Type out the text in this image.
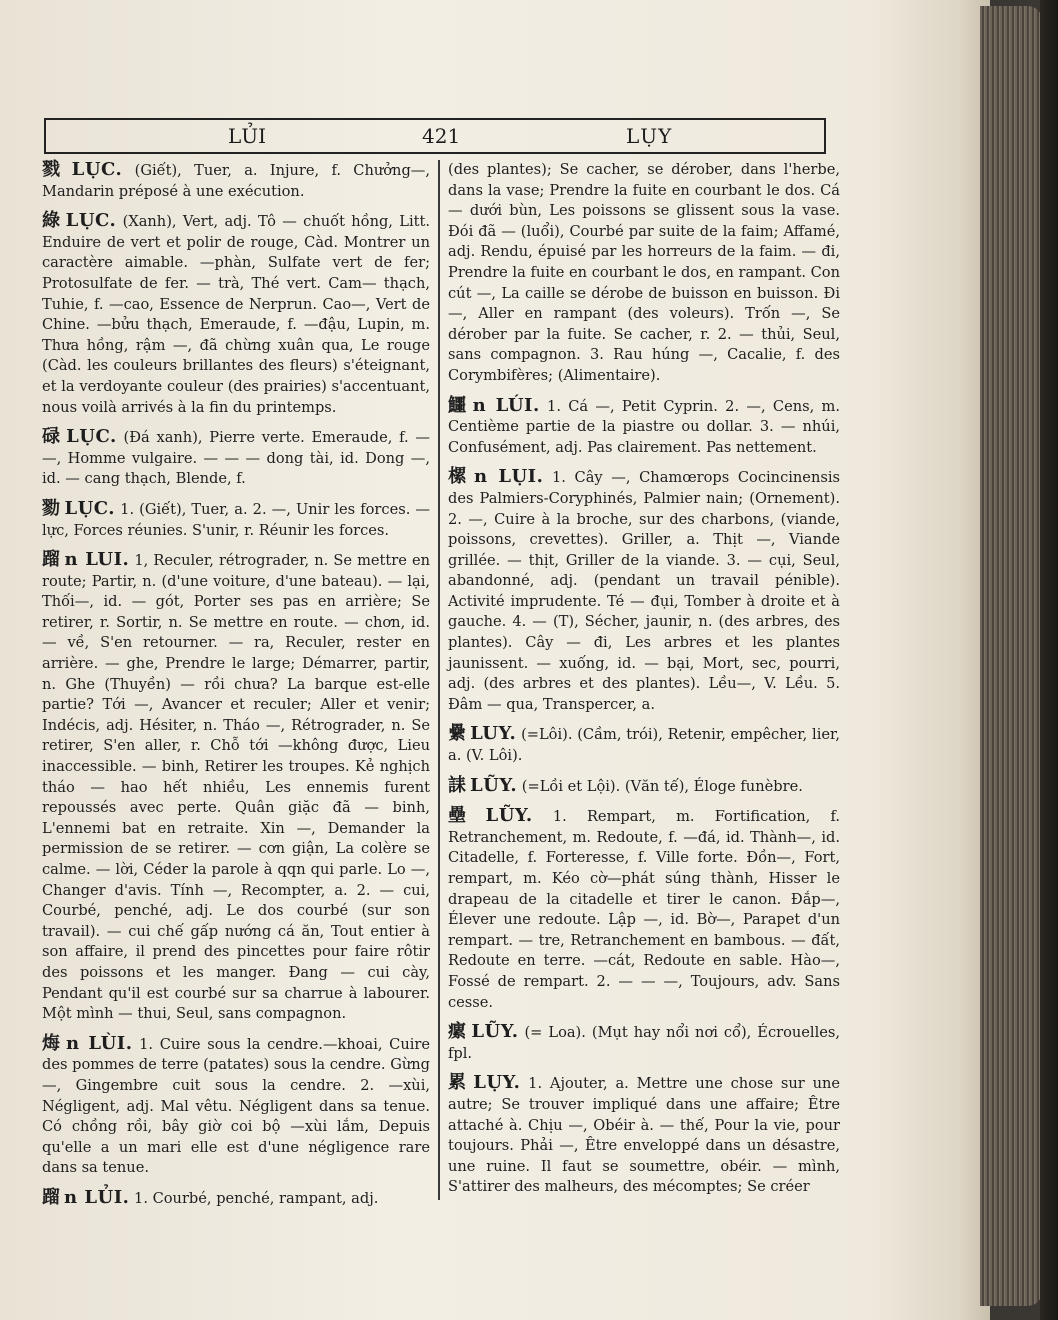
LỦI	421	LỤY

戮 LỤC. (Giết), Tuer, a. Injure, f. Chưởng—, Mandarin préposé à une exécution.

綠 LỤC. (Xanh), Vert, adj. Tô — chuốt hồng, Litt. Enduire de vert et polir de rouge, Càd. Montrer un caractère aimable. —phàn, Sulfate vert de fer; Protosulfate de fer. — trà, Thé vert. Cam— thạch, Tuhie, f. —cao, Essence de Nerprun. Cao—, Vert de Chine. —bửu thạch, Emeraude, f. —đậu, Lupin, m. Thưa hồng, rậm —, đã chừng xuân qua, Le rouge (Càd. les couleurs brillantes des fleurs) s'éteignant, et la verdoyante couleur (des prairies) s'accentuant, nous voilà arrivés à la fin du printemps.

碌 LỤC. (Đá xanh), Pierre verte. Emeraude, f. — —, Homme vulgaire. — — — dong tài, id. Dong —, id. — cang thạch, Blende, f.

勠 LỤC. 1. (Giết), Tuer, a. 2. —, Unir les forces. — lực, Forces réunies. S'unir, r. Réunir les forces.

蹓 n LUI. 1, Reculer, rétrograder, n. Se mettre en route; Partir, n. (d'une voiture, d'une bateau). — lại, Thối—, id. — gót, Porter ses pas en arrière; Se retirer, r. Sortir, n. Se mettre en route. — chơn, id. — về, S'en retourner. — ra, Reculer, rester en arrière. — ghe, Prendre le large; Démarrer, partir, n. Ghe (Thuyền) — rồi chưa? La barque est-elle partie? Tới —, Avancer et reculer; Aller et venir; Indécis, adj. Hésiter, n. Tháo —, Rétrograder, n. Se retirer, S'en aller, r. Chỗ tới —không được, Lieu inaccessible. — binh, Retirer les troupes. Kẻ nghịch tháo — hao hết nhiều, Les ennemis furent repoussés avec perte. Quân giặc đã — binh, L'ennemi bat en retraite. Xin —, Demander la permission de se retirer. — cơn giận, La colère se calme. — lời, Céder la parole à qqn qui parle. Lo —, Changer d'avis. Tính —, Recompter, a. 2. — cui, Courbé, penché, adj. Le dos courbé (sur son travail). — cui chế gấp nướng cá ăn, Tout entier à son affaire, il prend des pincettes pour faire rôtir des poissons et les manger. Đang — cui cày, Pendant qu'il est courbé sur sa charrue à labourer. Một mình — thui, Seul, sans compagnon.

烸 n LÙI. 1. Cuire sous la cendre.—khoai, Cuire des pommes de terre (patates) sous la cendre. Gừng —, Gingembre cuit sous la cendre. 2. —xùi, Négligent, adj. Mal vêtu. Négligent dans sa tenue. Có chồng rồi, bây giờ coi bộ —xùi lắm, Depuis qu'elle a un mari elle est d'une négligence rare dans sa tenue.

蹓 n LỦI. 1. Courbé, penché, rampant, adj.

(des plantes); Se cacher, se dérober, dans l'herbe, dans la vase; Prendre la fuite en courbant le dos. Cá — dưới bùn, Les poissons se glissent sous la vase. Đói đã — (luổi), Courbé par suite de la faim; Affamé, adj. Rendu, épuisé par les horreurs de la faim. — đi, Prendre la fuite en courbant le dos, en rampant. Con cút —, La caille se dérobe de buisson en buisson. Đi —, Aller en rampant (des voleurs). Trốn —, Se dérober par la fuite. Se cacher, r. 2. — thủi, Seul, sans compagnon. 3. Rau húng —, Cacalie, f. des Corymbifères; (Alimentaire).

鱷 n LÚI. 1. Cá —, Petit Cyprin. 2. —, Cens, m. Centième partie de la piastre ou dollar. 3. — nhúi, Confusément, adj. Pas clairement. Pas nettement.

樏 n LỤI. 1. Cây —, Chamœrops Cocincinensis des Palmiers-Coryphinés, Palmier nain; (Ornement). 2. —, Cuire à la broche, sur des charbons, (viande, poissons, crevettes). Griller, a. Thịt —, Viande grillée. — thịt, Griller de la viande. 3. — cụi, Seul, abandonné, adj. (pendant un travail pénible). Activité imprudente. Té — đụi, Tomber à droite et à gauche. 4. — (T), Sécher, jaunir, n. (des arbres, des plantes). Cây — đi, Les arbres et les plantes jaunissent. — xuống, id. — bại, Mort, sec, pourri, adj. (des arbres et des plantes). Lều—, V. Lều. 5. Đâm — qua, Transpercer, a.

纍 LUY. (=Lôi). (Cầm, trói), Retenir, empêcher, lier, a. (V. Lôi).

誄 LŨY. (=Lồi et Lội). (Văn tế), Éloge funèbre.

壘 LŨY. 1. Rempart, m. Fortification, f. Retranchement, m. Redoute, f. —đá, id. Thành—, id. Citadelle, f. Forteresse, f. Ville forte. Đồn—, Fort, rempart, m. Kéo cờ—phát súng thành, Hisser le drapeau de la citadelle et tirer le canon. Đắp—, Élever une redoute. Lập —, id. Bờ—, Parapet d'un rempart. — tre, Retranchement en bambous. — đất, Redoute en terre. —cát, Redoute en sable. Hào—, Fossé de rempart. 2. — — —, Toujours, adv. Sans cesse.

瘰 LŨY. (= Loa). (Mụt hay nổi nơi cổ), Écrouelles, fpl.

累 LỤY. 1. Ajouter, a. Mettre une chose sur une autre; Se trouver impliqué dans une affaire; Être attaché à. Chịu —, Obéir à. — thế, Pour la vie, pour toujours. Phải —, Être enveloppé dans un désastre, une ruine. Il faut se soumettre, obéir. — mình, S'attirer des malheurs, des mécomptes; Se créer
